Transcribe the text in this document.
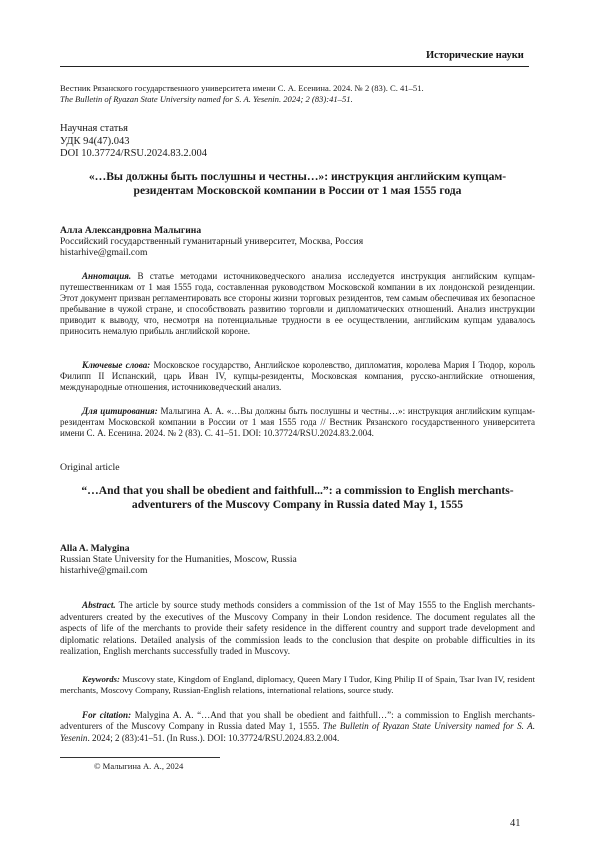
Исторические науки
Вестник Рязанского государственного университета имени С. А. Есенина. 2024. № 2 (83). С. 41–51.
The Bulletin of Ryazan State University named for S. A. Yesenin. 2024; 2 (83):41–51.
Научная статья
УДК 94(47).043
DOI 10.37724/RSU.2024.83.2.004
«…Вы должны быть послушны и честны…»: инструкция английским купцам-резидентам Московской компании в России от 1 мая 1555 года
Алла Александровна Малыгина
Российский государственный гуманитарный университет, Москва, Россия
histarhive@gmail.com
Аннотация. В статье методами источниковедческого анализа исследуется инструкция английским купцам-путешественникам от 1 мая 1555 года, составленная руководством Московской компании в их лондонской резиденции. Этот документ призван регламентировать все стороны жизни торговых резидентов, тем самым обеспечивая их безопасное пребывание в чужой стране, и способствовать развитию торговли и дипломатических отношений. Анализ инструкции приводит к выводу, что, несмотря на потенциальные трудности в ее осуществлении, английским купцам удавалось приносить немалую прибыль английской короне.
Ключевые слова: Московское государство, Английское королевство, дипломатия, королева Мария I Тюдор, король Филипп II Испанский, царь Иван IV, купцы-резиденты, Московская компания, русско-английские отношения, международные отношения, источниковедческий анализ.
Для цитирования: Малыгина А. А. «…Вы должны быть послушны и честны…»: инструкция английским купцам-резидентам Московской компании в России от 1 мая 1555 года // Вестник Рязанского государственного университета имени С. А. Есенина. 2024. № 2 (83). С. 41–51. DOI: 10.37724/RSU.2024.83.2.004.
Original article
“…And that you shall be obedient and faithfull...”: a commission to English merchants-adventurers of the Muscovy Company in Russia dated May 1, 1555
Alla A. Malygina
Russian State University for the Humanities, Moscow, Russia
histarhive@gmail.com
Abstract. The article by source study methods considers a commission of the 1st of May 1555 to the English merchants-adventurers created by the executives of the Muscovy Company in their London residence. The document regulates all the aspects of life of the merchants to provide their safety residence in the different country and support trade development and diplomatic relations. Detailed analysis of the commission leads to the conclusion that despite on probable difficulties in its realization, English merchants successfully traded in Muscovy.
Keywords: Muscovy state, Kingdom of England, diplomacy, Queen Mary I Tudor, King Philip II of Spain, Tsar Ivan IV, resident merchants, Moscovy Company, Russian-English relations, international relations, source study.
For citation: Malygina A. A. “…And that you shall be obedient and faithfull…”: a commission to English merchants-adventurers of the Muscovy Company in Russia dated May 1, 1555. The Bulletin of Ryazan State University named for S. A. Yesenin. 2024; 2 (83):41–51. (In Russ.). DOI: 10.37724/RSU.2024.83.2.004.
© Малыгина А. А., 2024
41
